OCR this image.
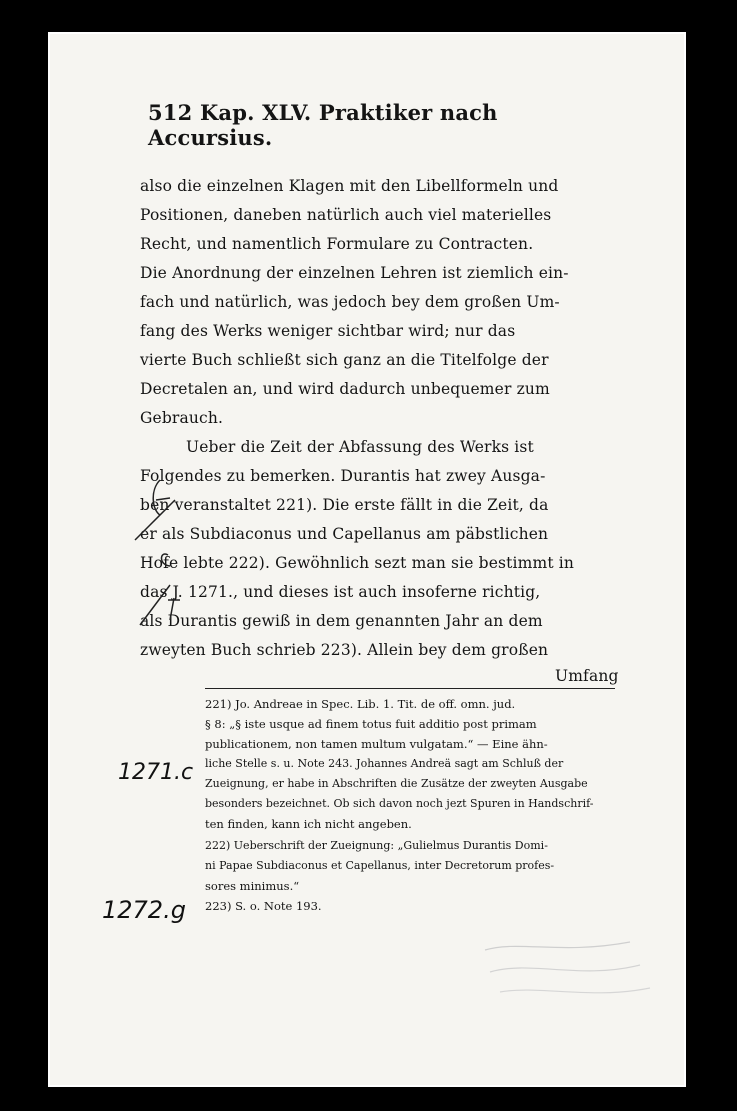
512 Kap. XLV. Praktiker nach Accursius.
also die einzelnen Klagen mit den Libellformeln und
Positionen, daneben natürlich auch viel materielles
Recht, und namentlich Formulare zu Contracten.
Die Anordnung der einzelnen Lehren ist ziemlich ein-
fach und natürlich, was jedoch bey dem großen Um-
fang des Werks weniger sichtbar wird; nur das
vierte Buch schließt sich ganz an die Titelfolge der
Decretalen an, und wird dadurch unbequemer zum
Gebrauch.
Ueber die Zeit der Abfassung des Werks ist
Folgendes zu bemerken. Durantis hat zwey Ausga-
ben veranstaltet 221). Die erste fällt in die Zeit, da
er als Subdiaconus und Capellanus am päbstlichen
Hofe lebte 222). Gewöhnlich sezt man sie bestimmt in
das J. 1271., und dieses ist auch insoferne richtig,
als Durantis gewiß in dem genannten Jahr an dem
zweyten Buch schrieb 223). Allein bey dem großen
Umfang
221) Jo. Andreae in Spec. Lib. 1. Tit. de off. omn. jud.
§ 8: „§ iste usque ad finem totus fuit additio post primam
publicationem, non tamen multum vulgatam.“ — Eine ähn-
liche Stelle s. u. Note 243. Johannes Andreä sagt am Schluß der
Zueignung, er habe in Abschriften die Zusätze der zweyten Ausgabe
besonders bezeichnet. Ob sich davon noch jezt Spuren in Handschrif-
ten finden, kann ich nicht angeben.
222) Ueberschrift der Zueignung: „Gulielmus Durantis Domi-
ni Papae Subdiaconus et Capellanus, inter Decretorum profes-
sores minimus.“
223) S. o. Note 193.
1271.c
1272.g
